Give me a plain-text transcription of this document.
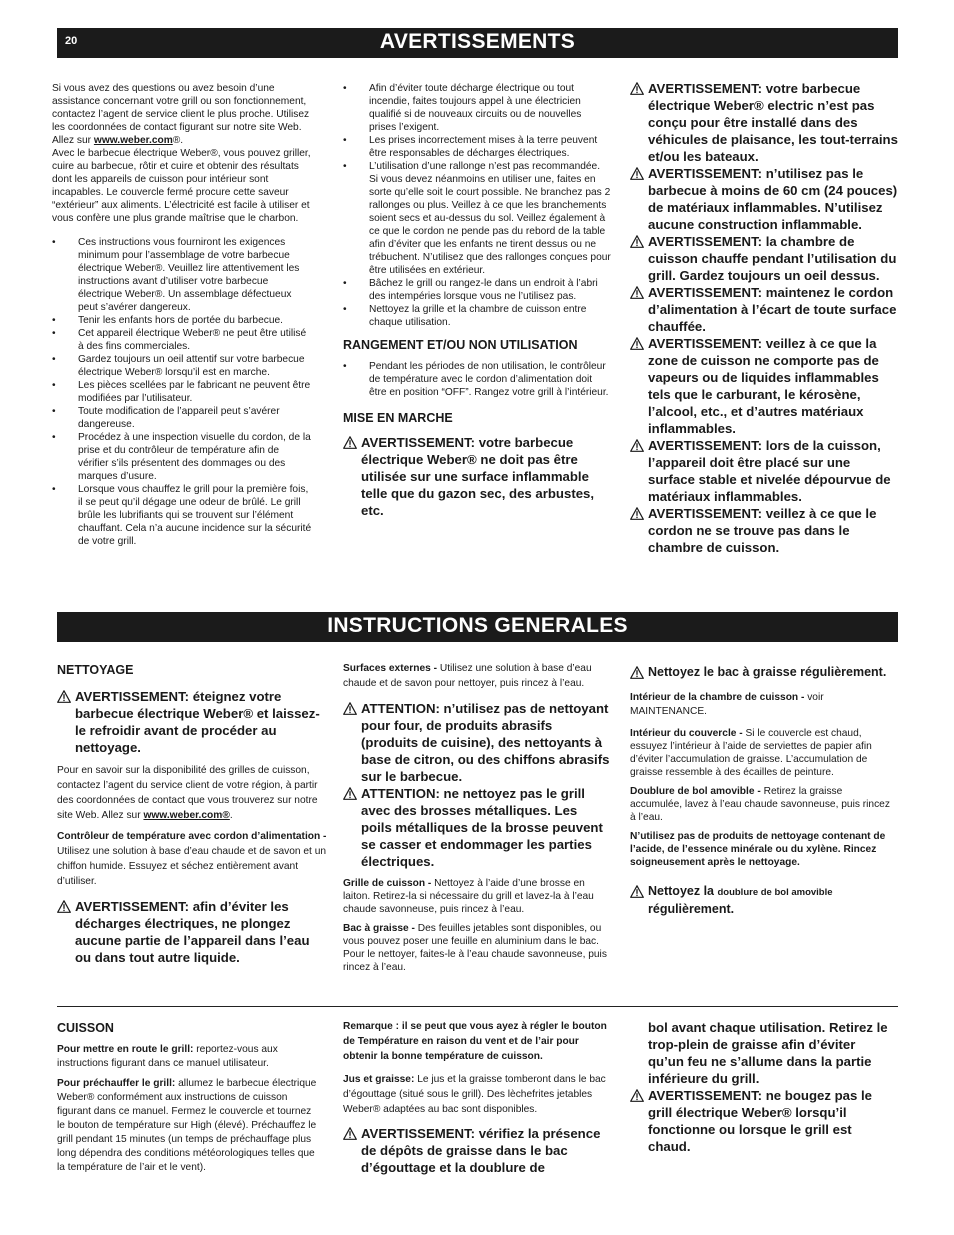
20	AVERTISSEMENTS

Si vous avez des questions ou avez besoin d’une assistance concernant votre grill ou son fonctionnement, contactez l’agent de service client le plus proche. Utilisez les coordonnées de contact figurant sur notre site Web. Allez sur www.weber.com®.

Avec le barbecue électrique Weber®, vous pouvez griller, cuire au barbecue, rôtir et cuire et obtenir des résultats dont les appareils de cuisson pour intérieur sont incapables. Le couvercle fermé procure cette saveur “extérieur” aux aliments. L’électricité est facile à utiliser et vous confère une plus grande maîtrise que le charbon.

• Ces instructions vous fourniront les exigences minimum pour l’assemblage de votre barbecue électrique Weber®. Veuillez lire attentivement les instructions avant d’utiliser votre barbecue électrique Weber®. Un assemblage défectueux peut s’avérer dangereux.
• Tenir les enfants hors de portée du barbecue.
• Cet appareil électrique Weber® ne peut être utilisé à des fins commerciales.
• Gardez toujours un oeil attentif sur votre barbecue électrique Weber® lorsqu’il est en marche.
• Les pièces scellées par le fabricant ne peuvent être modifiées par l’utilisateur.
• Toute modification de l’appareil peut s’avérer dangereuse.
• Procédez à une inspection visuelle du cordon, de la prise et du contrôleur de température afin de vérifier s’ils présentent des dommages ou des marques d’usure.
• Lorsque vous chauffez le grill pour la première fois, il se peut qu’il dégage une odeur de brûlé. Le grill brûle les lubrifiants qui se trouvent sur l’élément chauffant. Cela n’a aucune incidence sur la sécurité de votre grill.
• Afin d’éviter toute décharge électrique ou tout incendie, faites toujours appel à une électricien qualifié si de nouveaux circuits ou de nouvelles prises l’exigent.
• Les prises incorrectement mises à la terre peuvent être responsables de décharges électriques.
• L’utilisation d’une rallonge n’est pas recommandée. Si vous devez néanmoins en utiliser une, faites en sorte qu’elle soit le court possible. Ne branchez pas 2 rallonges ou plus. Veillez à ce que les branchements soient secs et au-dessus du sol. Veillez également à ce que le cordon ne pende pas du rebord de la table afin d’éviter que les enfants ne tirent dessus ou ne trébuchent. N’utilisez que des rallonges conçues pour être utilisées en extérieur.
• Bâchez le grill ou rangez-le dans un endroit à l’abri des intempéries lorsque vous ne l’utilisez pas.
• Nettoyez la grille et la chambre de cuisson entre chaque utilisation.
RANGEMENT ET/OU NON UTILISATION
• Pendant les périodes de non utilisation, le contrôleur de température avec le cordon d’alimentation doit être en position “OFF”. Rangez votre grill à l’intérieur.
MISE EN MARCHE
AVERTISSEMENT: votre barbecue électrique Weber® ne doit pas être utilisée sur une surface inflammable telle que du gazon sec, des arbustes, etc.
AVERTISSEMENT: votre barbecue électrique Weber® electric n’est pas conçu pour être installé dans des véhicules de plaisance, les tout-terrains et/ou les bateaux.
AVERTISSEMENT: n’utilisez pas le barbecue à moins de 60 cm (24 pouces) de matériaux inflammables. N’utilisez aucune construction inflammable.
AVERTISSEMENT: la chambre de cuisson chauffe pendant l’utilisation du grill. Gardez toujours un oeil dessus.
AVERTISSEMENT: maintenez le cordon d’alimentation à l’écart de toute surface chauffée.
AVERTISSEMENT: veillez à ce que la zone de cuisson ne comporte pas de vapeurs ou de liquides inflammables tels que le carburant, le kérosène, l’alcool, etc., et d’autres matériaux inflammables.
AVERTISSEMENT: lors de la cuisson, l’appareil doit être placé sur une surface stable et nivelée dépourvue de matériaux inflammables.
AVERTISSEMENT: veillez à ce que le cordon ne se trouve pas dans le chambre de cuisson.
INSTRUCTIONS GENERALES
NETTOYAGE
AVERTISSEMENT: éteignez votre barbecue électrique Weber® et laissez-le refroidir avant de procéder au nettoyage.

Pour en savoir sur la disponibilité des grilles de cuisson, contactez l’agent du service client de votre région, à partir des coordonnées de contact que vous trouverez sur notre site Web. Allez sur www.weber.com®.

Contrôleur de température avec cordon d’alimentation - Utilisez une solution à base d’eau chaude et de savon et un chiffon humide. Essuyez et séchez entièrement avant d’utiliser.

AVERTISSEMENT: afin d’éviter les décharges électriques, ne plongez aucune partie de l’appareil dans l’eau ou dans tout autre liquide.

Surfaces externes - Utilisez une solution à base d’eau chaude et de savon pour nettoyer, puis rincez à l’eau.

ATTENTION: n’utilisez pas de nettoyant pour four, de produits abrasifs (produits de cuisine), des nettoyants à base de citron, ou des chiffons abrasifs sur le barbecue.
ATTENTION: ne nettoyez pas le grill avec des brosses métalliques. Les poils métalliques de la brosse peuvent se casser et endommager les parties électriques.

Grille de cuisson - Nettoyez à l’aide d’une brosse en laiton. Retirez-la si nécessaire du grill et lavez-la à l’eau chaude savonneuse, puis rincez à l’eau.

Bac à graisse - Des feuilles jetables sont disponibles, ou vous pouvez poser une feuille en aluminium dans le bac. Pour le nettoyer, faites-le à l’eau chaude savonneuse, puis rincez à l’eau.

Nettoyez le bac à graisse régulièrement.

Intérieur de la chambre de cuisson - voir MAINTENANCE.

Intérieur du couvercle - Si le couvercle est chaud, essuyez l’intérieur à l’aide de serviettes de papier afin d’éviter l’accumulation de graisse. L’accumulation de graisse ressemble à des écailles de peinture.

Doublure de bol amovible - Retirez la graisse accumulée, lavez à l’eau chaude savonneuse, puis rincez à l’eau.

N’utilisez pas de produits de nettoyage contenant de l’acide, de l’essence minérale ou du xylène. Rincez soigneusement après le nettoyage.

Nettoyez la doublure de bol amovible régulièrement.
CUISSON

Pour mettre en route le grill: reportez-vous aux instructions figurant dans ce manuel utilisateur.

Pour préchauffer le grill: allumez le barbecue électrique Weber® conformément aux instructions de cuisson figurant dans ce manuel. Fermez le couvercle et tournez le bouton de température sur High (élevé). Préchauffez le grill pendant 15 minutes (un temps de préchauffage plus long dépendra des conditions météorologiques telles que la température de l’air et le vent).

Remarque : il se peut que vous ayez à régler le bouton de Température en raison du vent et de l’air pour obtenir la bonne température de cuisson.

Jus et graisse: Le jus et la graisse tomberont dans le bac d’égouttage (situé sous le grill). Des lèchefrites jetables Weber® adaptées au bac sont disponibles.

AVERTISSEMENT: vérifiez la présence de dépôts de graisse dans le bac d’égouttage et la doublure de
bol avant chaque utilisation. Retirez le trop-plein de graisse afin d’éviter qu’un feu ne s’allume dans la partie inférieure du grill.
AVERTISSEMENT: ne bougez pas le grill électrique Weber® lorsqu’il fonctionne ou lorsque le grill est chaud.
